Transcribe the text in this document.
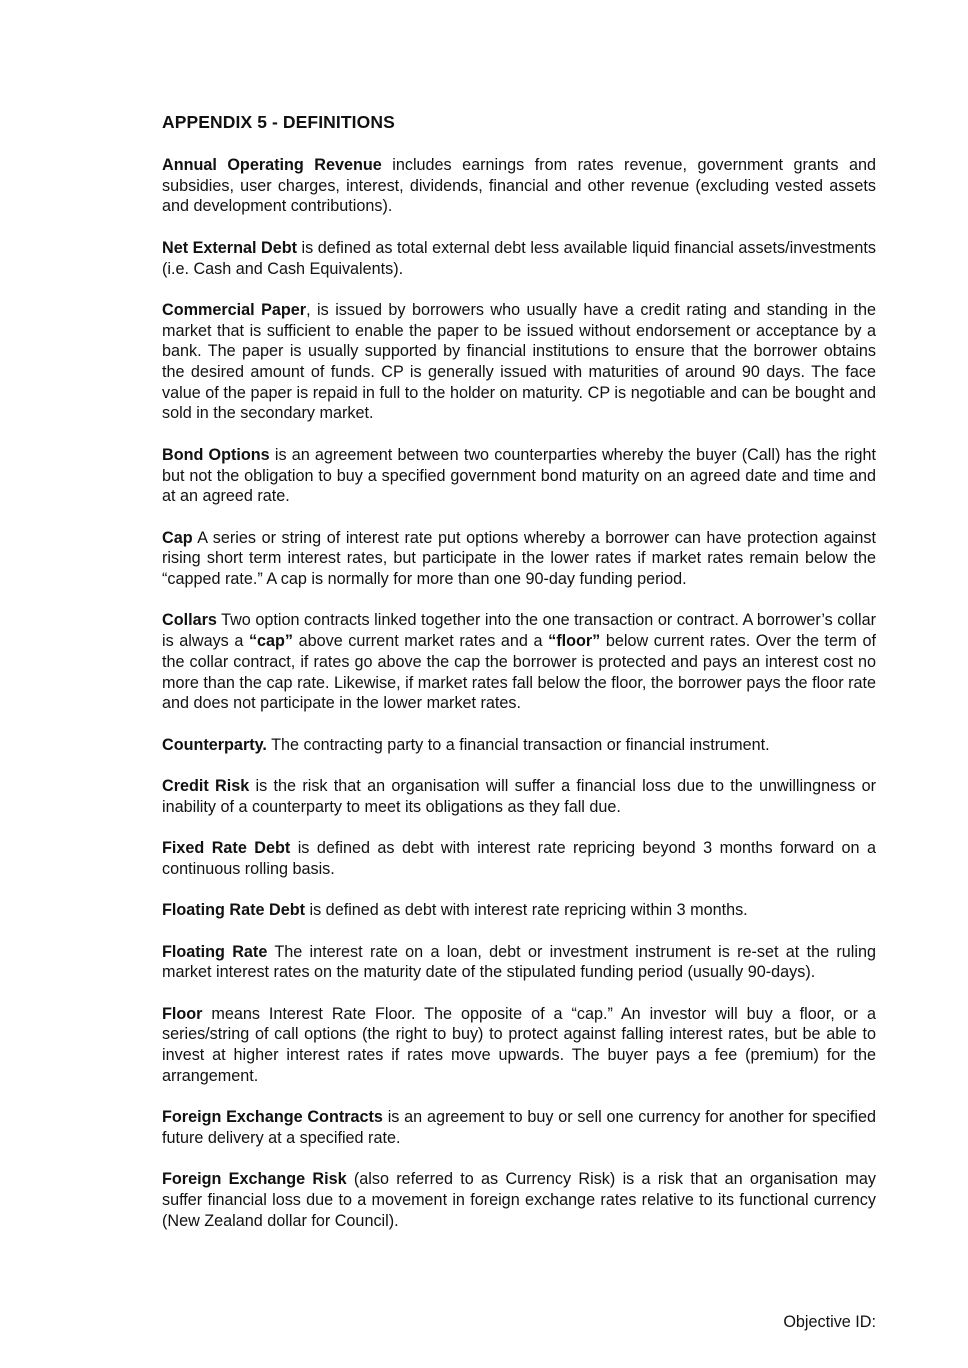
APPENDIX 5 - DEFINITIONS

Annual Operating Revenue includes earnings from rates revenue, government grants and subsidies, user charges, interest, dividends, financial and other revenue (excluding vested assets and development contributions).

Net External Debt is defined as total external debt less available liquid financial assets/investments (i.e. Cash and Cash Equivalents).

Commercial Paper, is issued by borrowers who usually have a credit rating and standing in the market that is sufficient to enable the paper to be issued without endorsement or acceptance by a bank. The paper is usually supported by financial institutions to ensure that the borrower obtains the desired amount of funds. CP is generally issued with maturities of around 90 days. The face value of the paper is repaid in full to the holder on maturity. CP is negotiable and can be bought and sold in the secondary market.

Bond Options is an agreement between two counterparties whereby the buyer (Call) has the right but not the obligation to buy a specified government bond maturity on an agreed date and time and at an agreed rate.

Cap A series or string of interest rate put options whereby a borrower can have protection against rising short term interest rates, but participate in the lower rates if market rates remain below the “capped rate.” A cap is normally for more than one 90-day funding period.

Collars Two option contracts linked together into the one transaction or contract. A borrower’s collar is always a “cap” above current market rates and a “floor” below current rates. Over the term of the collar contract, if rates go above the cap the borrower is protected and pays an interest cost no more than the cap rate. Likewise, if market rates fall below the floor, the borrower pays the floor rate and does not participate in the lower market rates.

Counterparty. The contracting party to a financial transaction or financial instrument.

Credit Risk is the risk that an organisation will suffer a financial loss due to the unwillingness or inability of a counterparty to meet its obligations as they fall due.

Fixed Rate Debt is defined as debt with interest rate repricing beyond 3 months forward on a continuous rolling basis.

Floating Rate Debt is defined as debt with interest rate repricing within 3 months.

Floating Rate The interest rate on a loan, debt or investment instrument is re-set at the ruling market interest rates on the maturity date of the stipulated funding period (usually 90-days).

Floor means Interest Rate Floor. The opposite of a “cap.” An investor will buy a floor, or a series/string of call options (the right to buy) to protect against falling interest rates, but be able to invest at higher interest rates if rates move upwards. The buyer pays a fee (premium) for the arrangement.

Foreign Exchange Contracts is an agreement to buy or sell one currency for another for specified future delivery at a specified rate.

Foreign Exchange Risk (also referred to as Currency Risk) is a risk that an organisation may suffer financial loss due to a movement in foreign exchange rates relative to its functional currency (New Zealand dollar for Council).

Objective ID:
